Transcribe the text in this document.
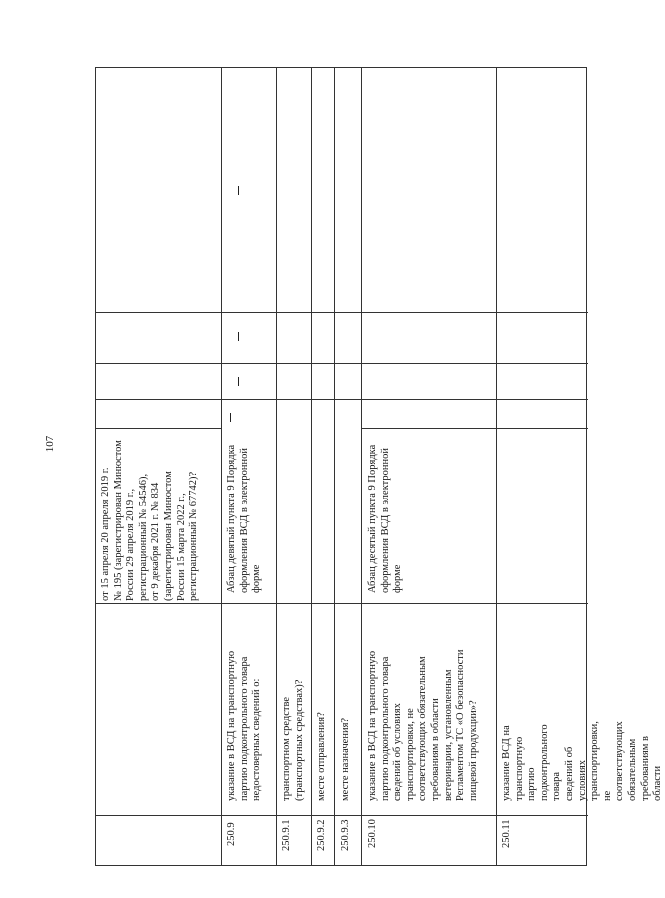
107
от 15 апреля 20 апреля 2019 г.
№ 195 (зарегистрирован Минюстом
России 29 апреля 2019 г.,
регистрационный № 54546),
от 9 декабря 2021 г. № 834
(зарегистрирован Минюстом
России 15 марта 2022 г.,
регистрационный № 67742)?
250.9
указание в ВСД на транспортную
партию подконтрольного товара
недостоверных сведений о:
Абзац девятый пункта 9 Порядка
оформления ВСД в электронной
форме
250.9.1
транспортном средстве
(транспортных средствах)?
250.9.2
месте отправления?
250.9.3
месте назначения?
250.10
указание в ВСД на транспортную
партию подконтрольного товара
сведений об условиях
транспортировки, не
соответствующих обязательным
требованиям в области
ветеринарии, установленным
Регламентом ТС «О безопасности
пищевой продукции»?
Абзац десятый пункта 9 Порядка
оформления ВСД в электронной
форме
250.11
указание ВСД на транспортную
партию подконтрольного товара
сведений об условиях
транспортировки, не
соответствующих обязательным
требованиям в области
